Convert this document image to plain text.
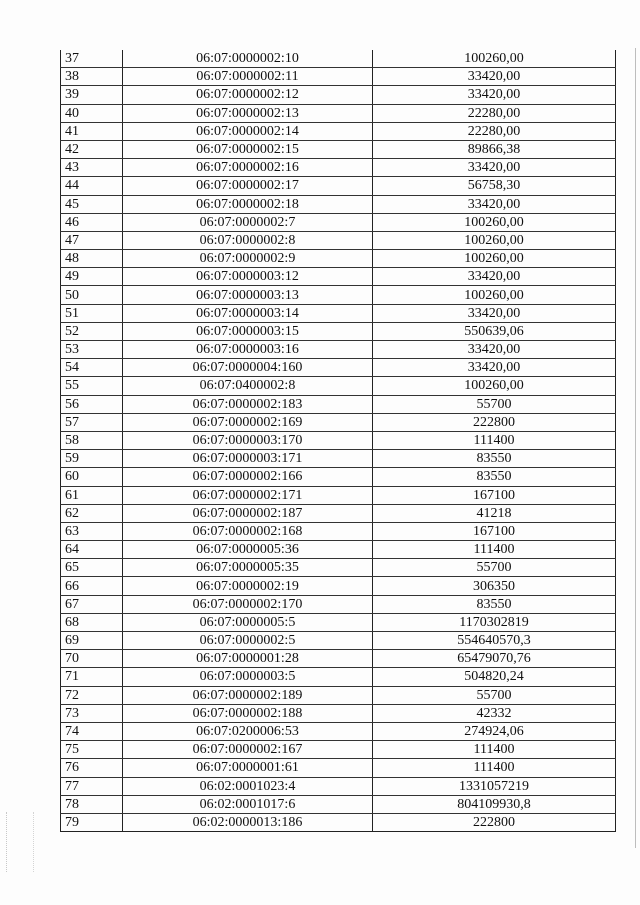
37	06:07:0000002:10	100260,00
38	06:07:0000002:11	33420,00
39	06:07:0000002:12	33420,00
40	06:07:0000002:13	22280,00
41	06:07:0000002:14	22280,00
42	06:07:0000002:15	89866,38
43	06:07:0000002:16	33420,00
44	06:07:0000002:17	56758,30
45	06:07:0000002:18	33420,00
46	06:07:0000002:7	100260,00
47	06:07:0000002:8	100260,00
48	06:07:0000002:9	100260,00
49	06:07:0000003:12	33420,00
50	06:07:0000003:13	100260,00
51	06:07:0000003:14	33420,00
52	06:07:0000003:15	550639,06
53	06:07:0000003:16	33420,00
54	06:07:0000004:160	33420,00
55	06:07:0400002:8	100260,00
56	06:07:0000002:183	55700
57	06:07:0000002:169	222800
58	06:07:0000003:170	111400
59	06:07:0000003:171	83550
60	06:07:0000002:166	83550
61	06:07:0000002:171	167100
62	06:07:0000002:187	41218
63	06:07:0000002:168	167100
64	06:07:0000005:36	111400
65	06:07:0000005:35	55700
66	06:07:0000002:19	306350
67	06:07:0000002:170	83550
68	06:07:0000005:5	1170302819
69	06:07:0000002:5	554640570,3
70	06:07:0000001:28	65479070,76
71	06:07:0000003:5	504820,24
72	06:07:0000002:189	55700
73	06:07:0000002:188	42332
74	06:07:0200006:53	274924,06
75	06:07:0000002:167	111400
76	06:07:0000001:61	111400
77	06:02:0001023:4	1331057219
78	06:02:0001017:6	804109930,8
79	06:02:0000013:186	222800
